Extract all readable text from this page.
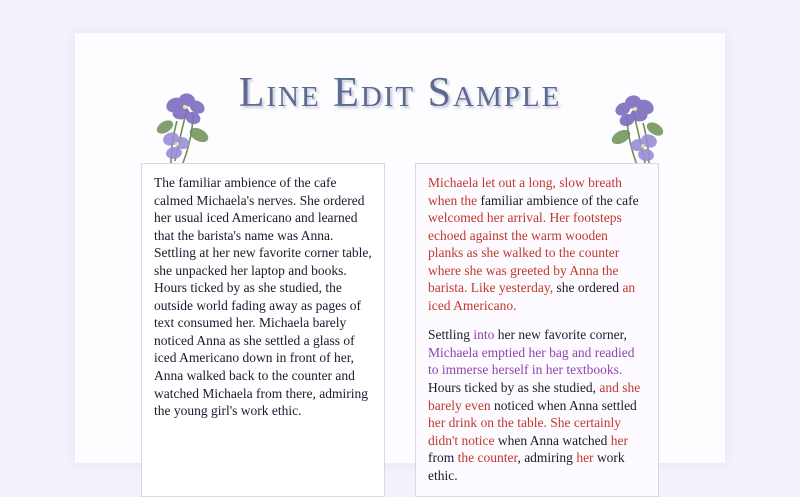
Line Edit Sample

The familiar ambience of the cafe calmed Michaela's nerves. She ordered her usual iced Americano and learned that the barista's name was Anna. Settling at her new favorite corner table, she unpacked her laptop and books. Hours ticked by as she studied, the outside world fading away as pages of text consumed her. Michaela barely noticed Anna as she settled a glass of iced Americano down in front of her, Anna walked back to the counter and watched Michaela from there, admiring the young girl's work ethic.

Michaela let out a long, slow breath when the familiar ambience of the cafe welcomed her arrival. Her footsteps echoed against the warm wooden planks as she walked to the counter where she was greeted by Anna the barista. Like yesterday, she ordered an iced Americano.

Settling into her new favorite corner, Michaela emptied her bag and readied to immerse herself in her textbooks. Hours ticked by as she studied, and she barely even noticed when Anna settled her drink on the table. She certainly didn't notice when Anna watched her from the counter, admiring her work ethic.
